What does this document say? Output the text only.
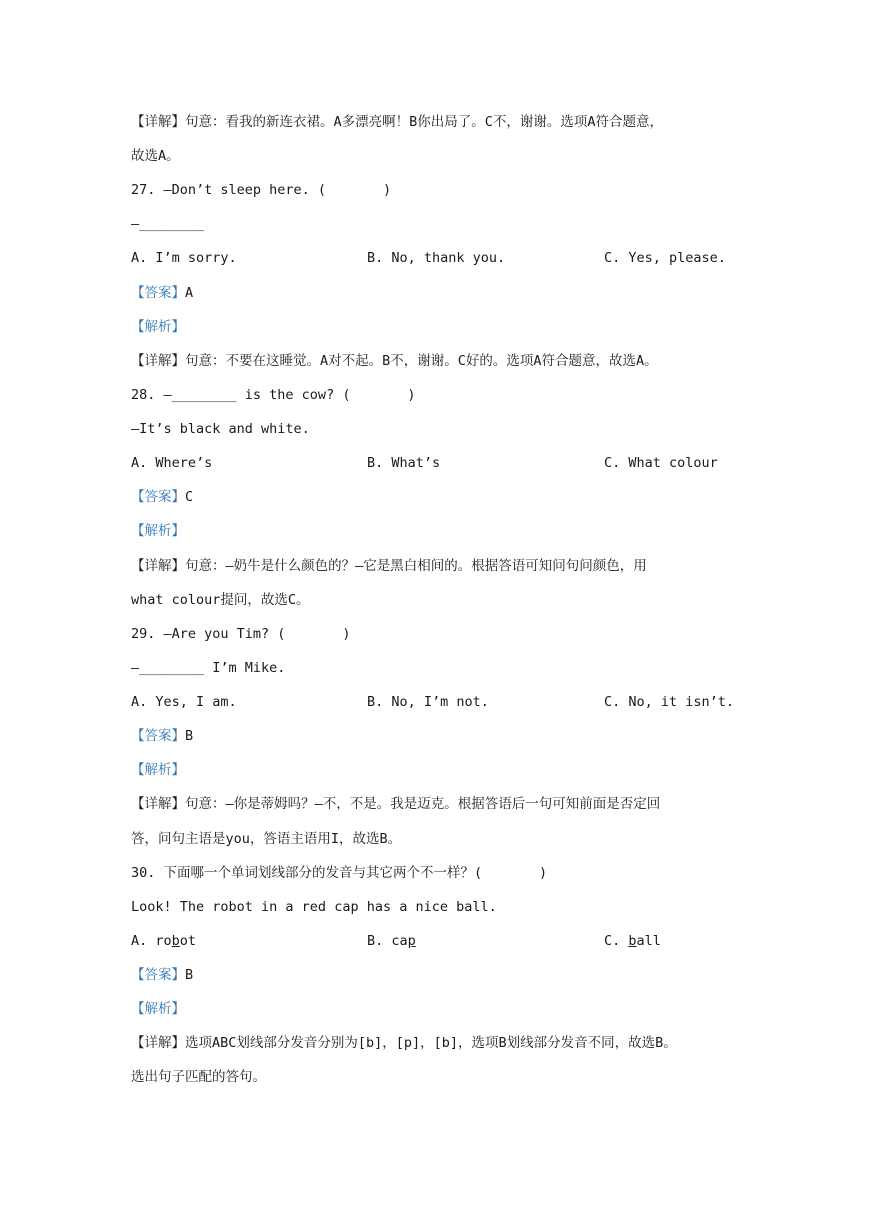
【详解】句意：看我的新连衣裙。A多漂亮啊！B你出局了。C不，谢谢。选项A符合题意，
故选A。
27. —Don’t sleep here. (       )
—________
A. I’m sorry.	B. No, thank you.	C. Yes, please.
【答案】A
【解析】
【详解】句意：不要在这睡觉。A对不起。B不，谢谢。C好的。选项A符合题意，故选A。
28. —________ is the cow? (       )
—It’s black and white.
A. Where’s	B. What’s	C. What colour
【答案】C
【解析】
【详解】句意：—奶牛是什么颜色的？—它是黑白相间的。根据答语可知问句问颜色，用
what colour提问，故选C。
29. —Are you Tim? (       )
—________ I’m Mike.
A. Yes, I am.	B. No, I’m not.	C. No, it isn’t.
【答案】B
【解析】
【详解】句意：—你是蒂姆吗？—不，不是。我是迈克。根据答语后一句可知前面是否定回
答，问句主语是you，答语主语用I，故选B。
30. 下面哪一个单词划线部分的发音与其它两个不一样？(       )
Look! The robot in a red cap has a nice ball.
A. robot	B. cap	C. ball
【答案】B
【解析】
【详解】选项ABC划线部分发音分别为[b]，[p]，[b]，选项B划线部分发音不同，故选B。
选出句子匹配的答句。
